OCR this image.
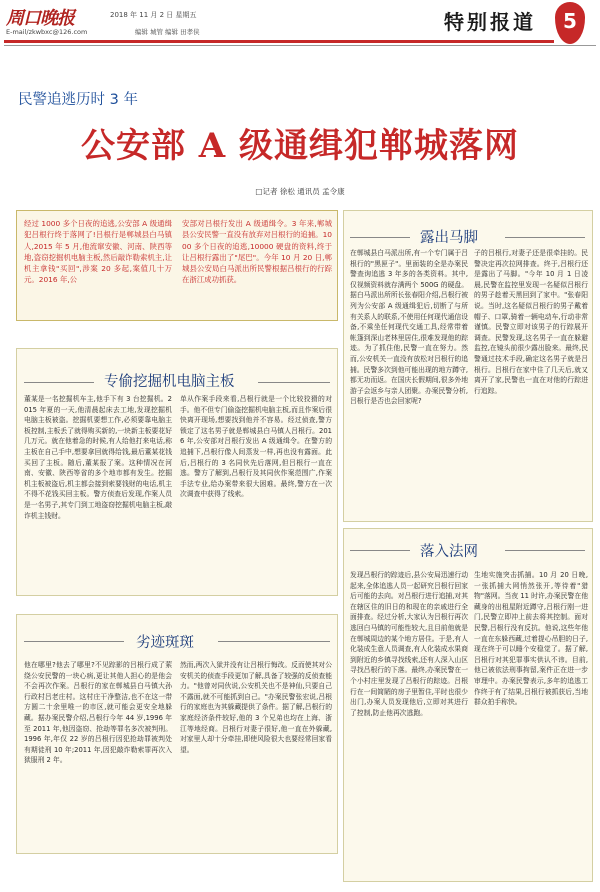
周口晚报	2018 年 11 月 2 日 星期五
E-mail/zkwbxc@126.com	编辑 城管 编辑 田孝侠	特别报道	5
民警追逃历时 3 年
公安部 A 级通缉犯郸城落网
□记者 徐松 通讯员 孟令康
经过 1000 多个日夜的追逃,公安部 A 级通缉犯吕根行终于落网了!吕根行是郸城县白马镇人,2015 年 5 月,他流窜安徽、河南、陕西等地,盗窃挖掘机电脑主板,然后敲诈勒索机主,让机主拿钱"买回",涉案 20 多起,案值几十万元。2016 年,公
安部对吕根行发出 A 级通缉令。3 年来,郸城县公安民警一直没有放弃对吕根行的追捕。1000 多个日夜的追逃,10000 硬盘的资料,终于让吕根行露出了"尾巴"。今年 10 月 20 日,郸城县公安局白马派出所民警根据吕根行的行踪在浙江成功抓获。
露出马脚
在郸城县白马派出所,有一个专门属于吕根行的"黑匣子"。里面装的全是办案民警查询追逃 3 年多的各类资料。其中,仅视频资料就存满两个 500G 的硬盘。据白马派出所所长张春阳介绍,吕根行被列为公安部 A 级通缉犯后,切断了与所有关系人的联系,不使用任何现代通信设备,不乘坐任何现代交通工具,经常带着帐篷到深山老林里居住,很难发现他的踪迹。为了抓住他,民警一直在努力。然而,公安机关一直没有放松对吕根行的追捕。民警多次到他可能出现的地方蹲守,都无功而返。在国庆长假期间,很多外地游子会返乡与亲人团聚。办案民警分析,吕根行是否也会回家呢?
子的吕根行,对妻子还是很牵挂的。民警决定再次拉网排查。终于,吕根行还是露出了马脚。"今年 10 月 1 日凌晨,民警在监控里发现一名疑似吕根行的男子趁着天黑回到了家中。"张春阳说。当时,这名疑似吕根行的男子戴着帽子、口罩,骑着一辆电动车,行动非常谨慎。民警立即对该男子的行踪展开调查。民警发现,这名男子一直在躲避监控,在镜头前很少露出脸来。最终,民警通过技术手段,确定这名男子就是吕根行。吕根行在家中住了几天后,就又离开了家,民警也一直在对他的行踪进行追踪。
专偷挖掘机电脑主板
董某是一名挖掘机车主,他手下有 3 台挖掘机。2015 年夏的一天,他清晨起床去工地,发现挖掘机电脑主板被盗。挖掘机要想工作,必须要靠电脑主板控制,主板丢了就得购买新的,一块新主板要花好几万元。就在他着急的时候,有人给他打来电话,称主板在自己手中,想要拿回就得给钱,最后董某花钱买回了主板。随后,董某报了案。这种情况在河南、安徽、陕西等省的多个地市都有发生。挖掘机主板被盗后,机主都会接到索要钱财的电话,机主不得不花钱买回主板。警方侦查后发现,作案人员是一名男子,其专门到工地盗窃挖掘机电脑主板,敲诈机主钱财。
单从作案手段来看,吕根行就是一个比较狡猾的对手。他不但专门偷盗挖掘机电脑主板,而且作案后很快离开现场,想要找到他并不容易。经过侦查,警方锁定了这名男子就是郸城县白马镇人吕根行。2016 年,公安部对吕根行发出 A 级通缉令。在警方的追捕下,吕根行像人间蒸发一样,再也没有露面。此后,吕根行的 3 名同伙先后落网,但吕根行一直在逃。警方了解到,吕根行及其同伙作案范围广,作案手法专业,给办案带来很大困难。最终,警方在一次次调查中获得了线索。
落入法网
发现吕根行的踪迹后,县公安局迅速行动起来,全体追逃人员一起研究吕根行回家后可能的去向。对吕根行进行追捕,对其在辖区住的旧日的和现在的亲戚进行全面排查。经过分析,大家认为吕根行再次逃回白马镇的可能性较大,且目前他就是在郸城周边的某个地方居住。于是,有人化装成生意人员调查,有人化装成水果商到附近的乡镇寻找线索,还有人深入山区寻找吕根行的下落。最终,办案民警在一个小村庄里发现了吕根行的踪迹。吕根行在一间简陋的房子里暂住,平时也很少出门,办案人员发现他后,立即对其进行了控制,防止他再次逃跑。
生地实施突击抓捕。10 月 20 日晚,一张抓捕大网悄然张开,等待着"猎物"落网。当夜 11 时许,办案民警在他藏身的出租屋附近蹲守,吕根行刚一进门,民警立即冲上前去将其控制。面对民警,吕根行没有反抗。他说,这些年他一直在东躲西藏,过着提心吊胆的日子,现在终于可以睡个安稳觉了。据了解,吕根行对其犯罪事实供认不讳。目前,他已被依法刑事拘留,案件正在进一步审理中。办案民警表示,多年的追逃工作终于有了结果,吕根行被抓获后,当地群众拍手称快。
劣迹斑斑
他在哪里?他去了哪里?不见踪影的吕根行成了萦绕公安民警的一块心病,更让其他人担心的是他会不会再次作案。吕根行的家在郸城县白马镇大孙行政村吕老庄村。这村庄干净整洁,也不在这一带方圆二十余里唯一的市区,就可能会更安全地躲藏。据办案民警介绍,吕根行今年 44 岁,1996 年至 2011 年,他因盗窃、抢劫等罪名多次被判刑。1996 年,年仅 22 岁的吕根行因犯抢劫罪被判处有期徒刑 10 年;2011 年,因犯敲诈勒索罪再次入狱服刑 2 年。
然而,两次入狱并没有让吕根行悔改。反而使其对公安机关的侦查手段更加了解,具备了较强的反侦查能力。"他曾对同伙说,公安机关也不是神仙,只要自己不露面,就不可能抓到自己。"办案民警张宏说,吕根行的家庭也为其躲藏提供了条件。据了解,吕根行的家庭经济条件较好,他的 3 个兄弟也均在上海、浙江等地经商。吕根行对妻子很好,他一直在外躲藏,对家里人却十分牵挂,即使风险很大也要经常回家看望。
